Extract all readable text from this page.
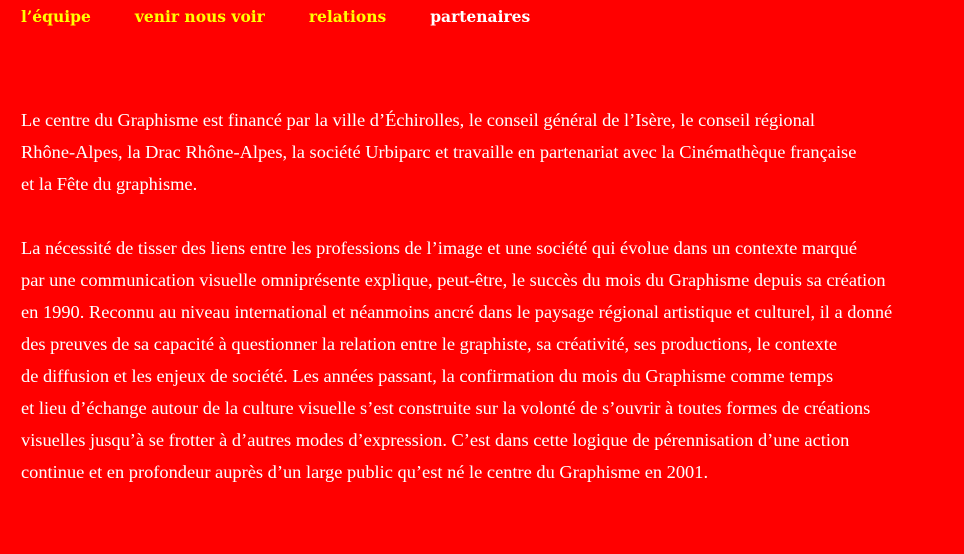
l’équipe	venir nous voir	relations	partenaires

Le centre du Graphisme est financé par la ville d’Échirolles, le conseil général de l’Isère, le conseil régional
Rhône-Alpes, la Drac Rhône-Alpes, la société Urbiparc et travaille en partenariat avec la Cinémathèque française
et la Fête du graphisme.

La nécessité de tisser des liens entre les professions de l’image et une société qui évolue dans un contexte marqué
par une communication visuelle omniprésente explique, peut-être, le succès du mois du Graphisme depuis sa création
en 1990. Reconnu au niveau international et néanmoins ancré dans le paysage régional artistique et culturel, il a donné
des preuves de sa capacité à questionner la relation entre le graphiste, sa créativité, ses productions, le contexte
de diffusion et les enjeux de société. Les années passant, la confirmation du mois du Graphisme comme temps
et lieu d’échange autour de la culture visuelle s’est construite sur la volonté de s’ouvrir à toutes formes de créations
visuelles jusqu’à se frotter à d’autres modes d’expression. C’est dans cette logique de pérennisation d’une action
continue et en profondeur auprès d’un large public qu’est né le centre du Graphisme en 2001.
